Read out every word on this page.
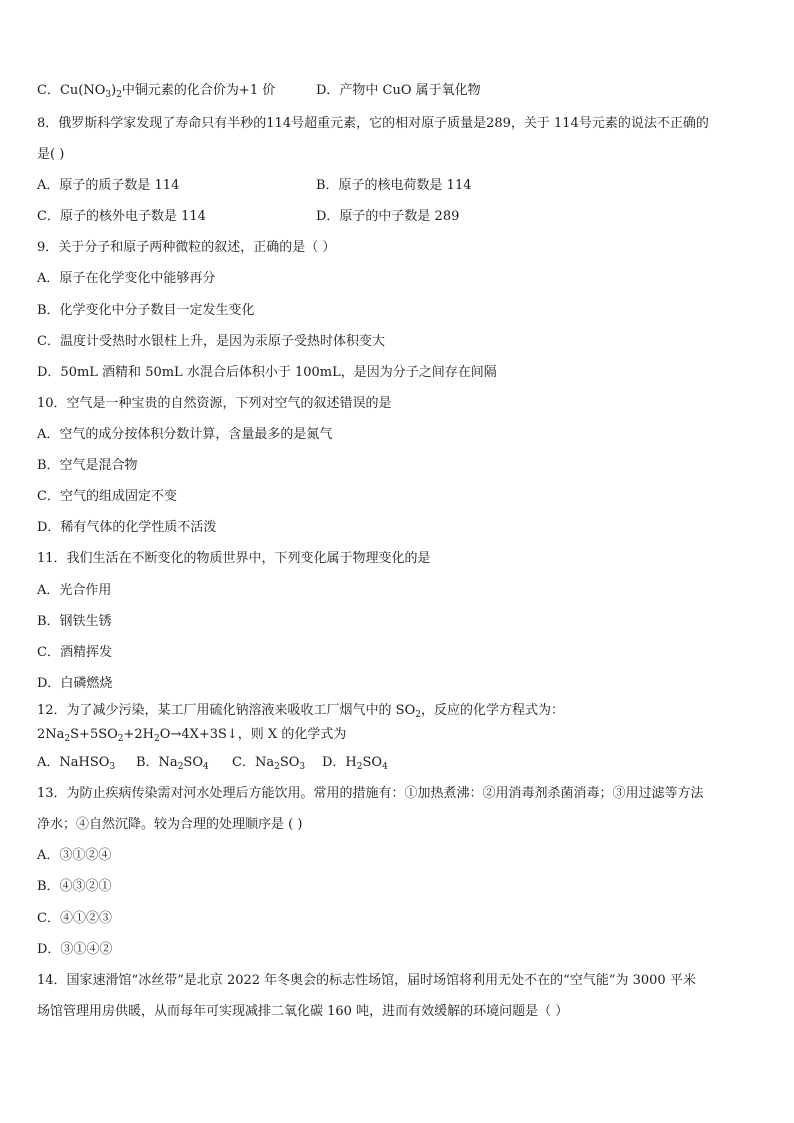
C．$Cu(NO_3)_2$中铜元素的化合价为+1 价	D．产物中 CuO 属于氧化物
8．俄罗斯科学家发现了寿命只有半秒的114号超重元素，它的相对原子质量是289，关于 114号元素的说法不正确的
是( )
A．原子的质子数是 114	B．原子的核电荷数是 114
C．原子的核外电子数是 114	D．原子的中子数是 289
9．关于分子和原子两种微粒的叙述，正确的是（ ）
A．原子在化学变化中能够再分
B．化学变化中分子数目一定发生变化
C．温度计受热时水银柱上升，是因为汞原子受热时体积变大
D．50mL 酒精和 50mL 水混合后体积小于 100mL，是因为分子之间存在间隔
10．空气是一种宝贵的自然资源，下列对空气的叙述错误的是
A．空气的成分按体积分数计算，含量最多的是氮气
B．空气是混合物
C．空气的组成固定不变
D．稀有气体的化学性质不活泼
11．我们生活在不断变化的物质世界中，下列变化属于物理变化的是
A．光合作用
B．钢铁生锈
C．酒精挥发
D．白磷燃烧
12．为了减少污染，某工厂用硫化钠溶液来吸收工厂烟气中的 $SO_2$，反应的化学方程式为：
$2Na_2S+5SO_2+2H_2O\to 4X+3S↓$，则 X 的化学式为
A．NaHSO$_3$ B．$Na_2SO_4$ C．$Na_2SO_3$ D．$H_2SO_4$
13．为防止疾病传染需对河水处理后方能饮用。常用的措施有：①加热煮沸：②用消毒剂杀菌消毒；③用过滤等方法
净水；④自然沉降。较为合理的处理顺序是 ( )
A．③①②④
B．④③②①
C．④①②③
D．③①④②
14．国家速滑馆“冰丝带”是北京 2022 年冬奥会的标志性场馆，届时场馆将利用无处不在的“空气能”为 3000 平米
场馆管理用房供暖，从而每年可实现减排二氧化碳 160 吨，进而有效缓解的环境问题是（ ）
